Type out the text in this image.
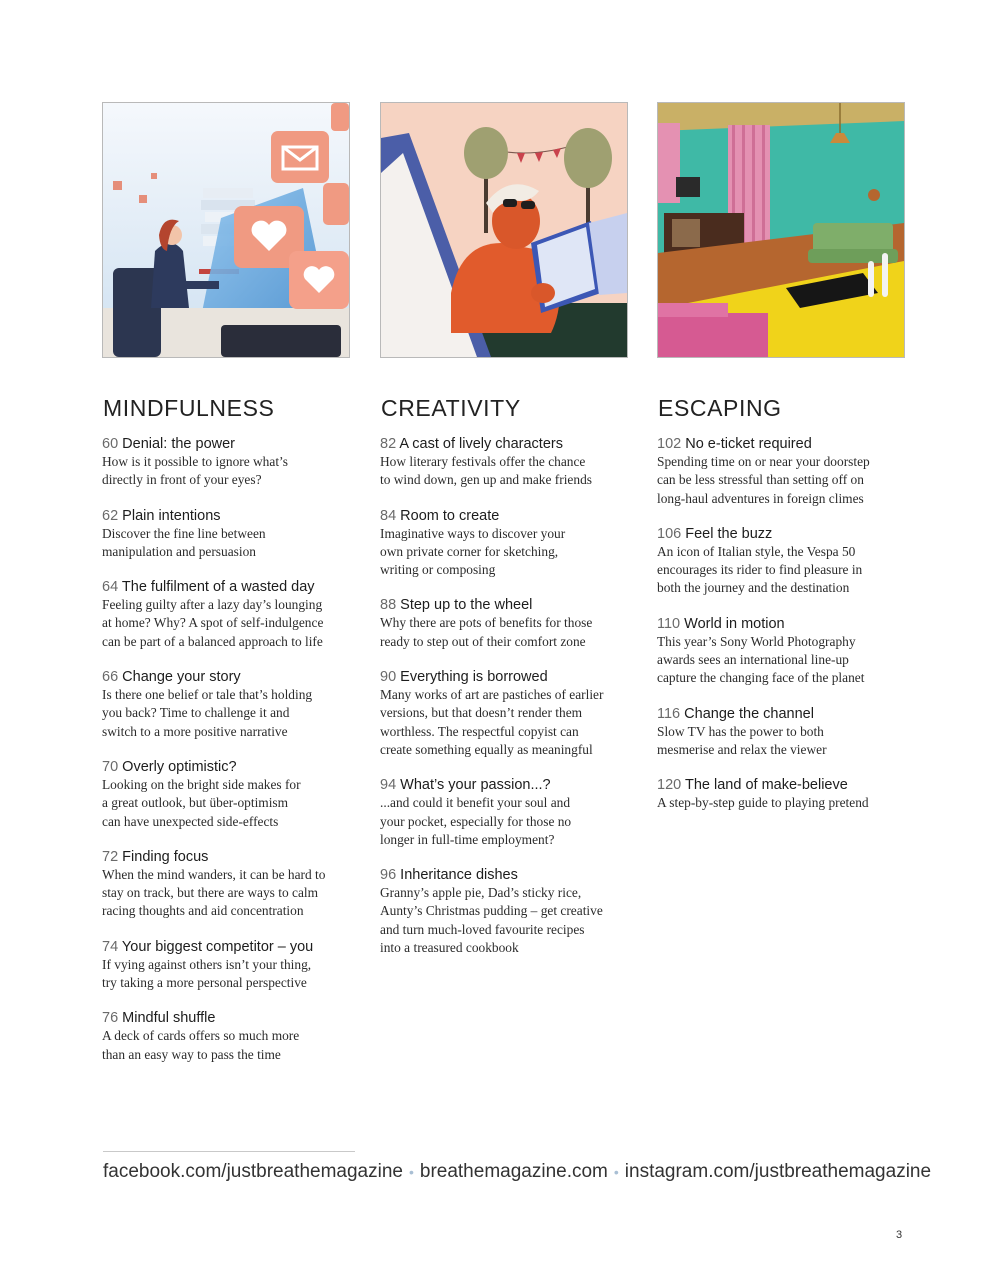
MINDFULNESS
60 Denial: the power
How is it possible to ignore what’s
directly in front of your eyes?
62 Plain intentions
Discover the fine line between
manipulation and persuasion
64 The fulfilment of a wasted day
Feeling guilty after a lazy day’s lounging
at home? Why? A spot of self-indulgence
can be part of a balanced approach to life
66 Change your story
Is there one belief or tale that’s holding
you back? Time to challenge it and
switch to a more positive narrative
70 Overly optimistic?
Looking on the bright side makes for
a great outlook, but über-optimism
can have unexpected side-effects
72 Finding focus
When the mind wanders, it can be hard to
stay on track, but there are ways to calm
racing thoughts and aid concentration
74 Your biggest competitor – you
If vying against others isn’t your thing,
try taking a more personal perspective
76 Mindful shuffle
A deck of cards offers so much more
than an easy way to pass the time
CREATIVITY
82 A cast of lively characters
How literary festivals offer the chance
to wind down, gen up and make friends
84 Room to create
Imaginative ways to discover your
own private corner for sketching,
writing or composing
88 Step up to the wheel
Why there are pots of benefits for those
ready to step out of their comfort zone
90 Everything is borrowed
Many works of art are pastiches of earlier
versions, but that doesn’t render them
worthless. The respectful copyist can
create something equally as meaningful
94 What’s your passion...?
...and could it benefit your soul and
your pocket, especially for those no
longer in full-time employment?
96 Inheritance dishes
Granny’s apple pie, Dad’s sticky rice,
Aunty’s Christmas pudding – get creative
and turn much-loved favourite recipes
into a treasured cookbook
ESCAPING
102 No e-ticket required
Spending time on or near your doorstep
can be less stressful than setting off on
long-haul adventures in foreign climes
106 Feel the buzz
An icon of Italian style, the Vespa 50
encourages its rider to find pleasure in
both the journey and the destination
110 World in motion
This year’s Sony World Photography
awards sees an international line-up
capture the changing face of the planet
116 Change the channel
Slow TV has the power to both
mesmerise and relax the viewer
120 The land of make-believe
A step-by-step guide to playing pretend
facebook.com/justbreathemagazine • breathemagazine.com • instagram.com/justbreathemagazine
3
